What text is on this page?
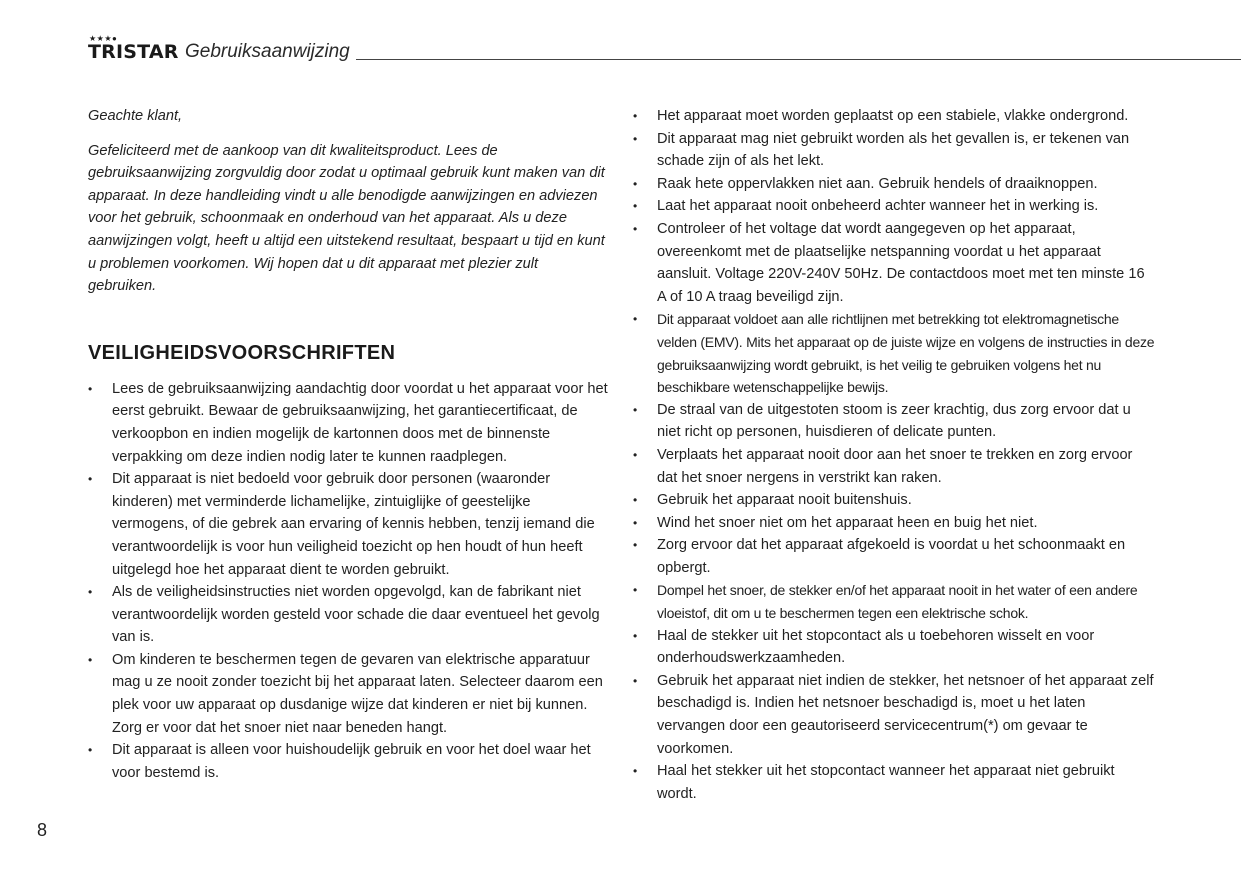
★★★●
TRISTAR Gebruiksaanwijzing

Geachte klant,

Gefeliciteerd met de aankoop van dit kwaliteitsproduct. Lees de gebruiksaanwijzing zorgvuldig door zodat u optimaal gebruik kunt maken van dit apparaat. In deze handleiding vindt u alle benodigde aanwijzingen en adviezen voor het gebruik, schoonmaak en onderhoud van het apparaat. Als u deze aanwijzingen volgt, heeft u altijd een uitstekend resultaat, bespaart u tijd en kunt u problemen voorkomen. Wij hopen dat u dit apparaat met plezier zult gebruiken.

VEILIGHEIDSVOORSCHRIFTEN
• Lees de gebruiksaanwijzing aandachtig door voordat u het apparaat voor het eerst gebruikt. Bewaar de gebruiksaanwijzing, het garantiecertificaat, de verkoopbon en indien mogelijk de kartonnen doos met de binnenste verpakking om deze indien nodig later te kunnen raadplegen.
• Dit apparaat is niet bedoeld voor gebruik door personen (waaronder kinderen) met verminderde lichamelijke, zintuiglijke of geestelijke vermogens, of die gebrek aan ervaring of kennis hebben, tenzij iemand die verantwoordelijk is voor hun veiligheid toezicht op hen houdt of hun heeft uitgelegd hoe het apparaat dient te worden gebruikt.
• Als de veiligheidsinstructies niet worden opgevolgd, kan de fabrikant niet verantwoordelijk worden gesteld voor schade die daar eventueel het gevolg van is.
• Om kinderen te beschermen tegen de gevaren van elektrische apparatuur mag u ze nooit zonder toezicht bij het apparaat laten. Selecteer daarom een plek voor uw apparaat op dusdanige wijze dat kinderen er niet bij kunnen. Zorg er voor dat het snoer niet naar beneden hangt.
• Dit apparaat is alleen voor huishoudelijk gebruik en voor het doel waar het voor bestemd is.
• Het apparaat moet worden geplaatst op een stabiele, vlakke ondergrond.
• Dit apparaat mag niet gebruikt worden als het gevallen is, er tekenen van schade zijn of als het lekt.
• Raak hete oppervlakken niet aan. Gebruik hendels of draaiknoppen.
• Laat het apparaat nooit onbeheerd achter wanneer het in werking is.
• Controleer of het voltage dat wordt aangegeven op het apparaat, overeenkomt met de plaatselijke netspanning voordat u het apparaat aansluit. Voltage 220V-240V 50Hz. De contactdoos moet met ten minste 16 A of 10 A traag beveiligd zijn.
• Dit apparaat voldoet aan alle richtlijnen met betrekking tot elektromagnetische velden (EMV). Mits het apparaat op de juiste wijze en volgens de instructies in deze gebruiksaanwijzing wordt gebruikt, is het veilig te gebruiken volgens het nu beschikbare wetenschappelijke bewijs.
• De straal van de uitgestoten stoom is zeer krachtig, dus zorg ervoor dat u niet richt op personen, huisdieren of delicate punten.
• Verplaats het apparaat nooit door aan het snoer te trekken en zorg ervoor dat het snoer nergens in verstrikt kan raken.
• Gebruik het apparaat nooit buitenshuis.
• Wind het snoer niet om het apparaat heen en buig het niet.
• Zorg ervoor dat het apparaat afgekoeld is voordat u het schoonmaakt en opbergt.
• Dompel het snoer, de stekker en/of het apparaat nooit in het water of een andere vloeistof, dit om u te beschermen tegen een elektrische schok.
• Haal de stekker uit het stopcontact als u toebehoren wisselt en voor onderhoudswerkzaamheden.
• Gebruik het apparaat niet indien de stekker, het netsnoer of het apparaat zelf beschadigd is. Indien het netsnoer beschadigd is, moet u het laten vervangen door een geautoriseerd servicecentrum(*) om gevaar te voorkomen.
• Haal het stekker uit het stopcontact wanneer het apparaat niet gebruikt wordt.
8
